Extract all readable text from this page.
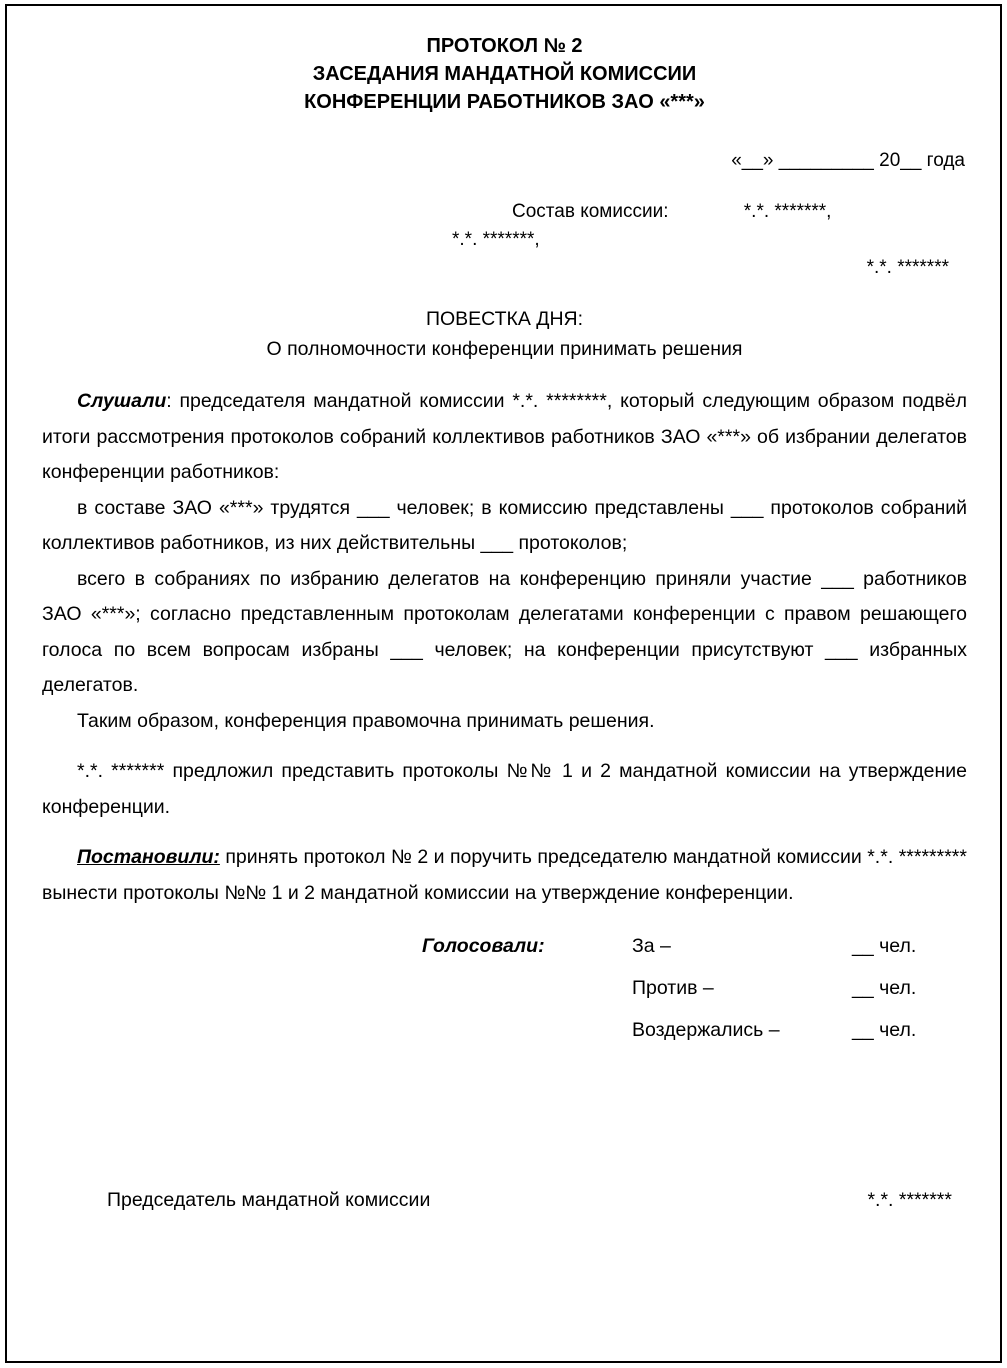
ПРОТОКОЛ № 2
ЗАСЕДАНИЯ МАНДАТНОЙ КОМИССИИ
КОНФЕРЕНЦИИ РАБОТНИКОВ ЗАО «***»
«__» _________ 20__ года
Состав комиссии:	*.*. *******,
*.*. *******,
*.*. *******
ПОВЕСТКА ДНЯ:
О полномочности конференции принимать решения

Слушали: председателя мандатной комиссии *.*. ********, который следующим образом подвёл итоги рассмотрения протоколов собраний коллективов работников ЗАО «***» об избрании делегатов конференции работников:

в составе ЗАО «***» трудятся ___ человек; в комиссию представлены ___ протоколов собраний коллективов работников, из них действительны ___ протоколов;

всего в собраниях по избранию делегатов на конференцию приняли участие ___ работников ЗАО «***»; согласно представленным протоколам делегатами конференции с правом решающего голоса по всем вопросам избраны ___ человек; на конференции присутствуют ___ избранных делегатов.

Таким образом, конференция правомочна принимать решения.

*.*. ******* предложил представить протоколы №№ 1 и 2 мандатной комиссии на утверждение конференции.

Постановили: принять протокол № 2 и поручить председателю мандатной комиссии *.*. ********* вынести протоколы №№ 1 и 2 мандатной комиссии на утверждение конференции.

Голосовали:	За –	__ чел.
Против –	__ чел.
Воздержались –	__ чел.
Председатель мандатной комиссии	*.*. *******
